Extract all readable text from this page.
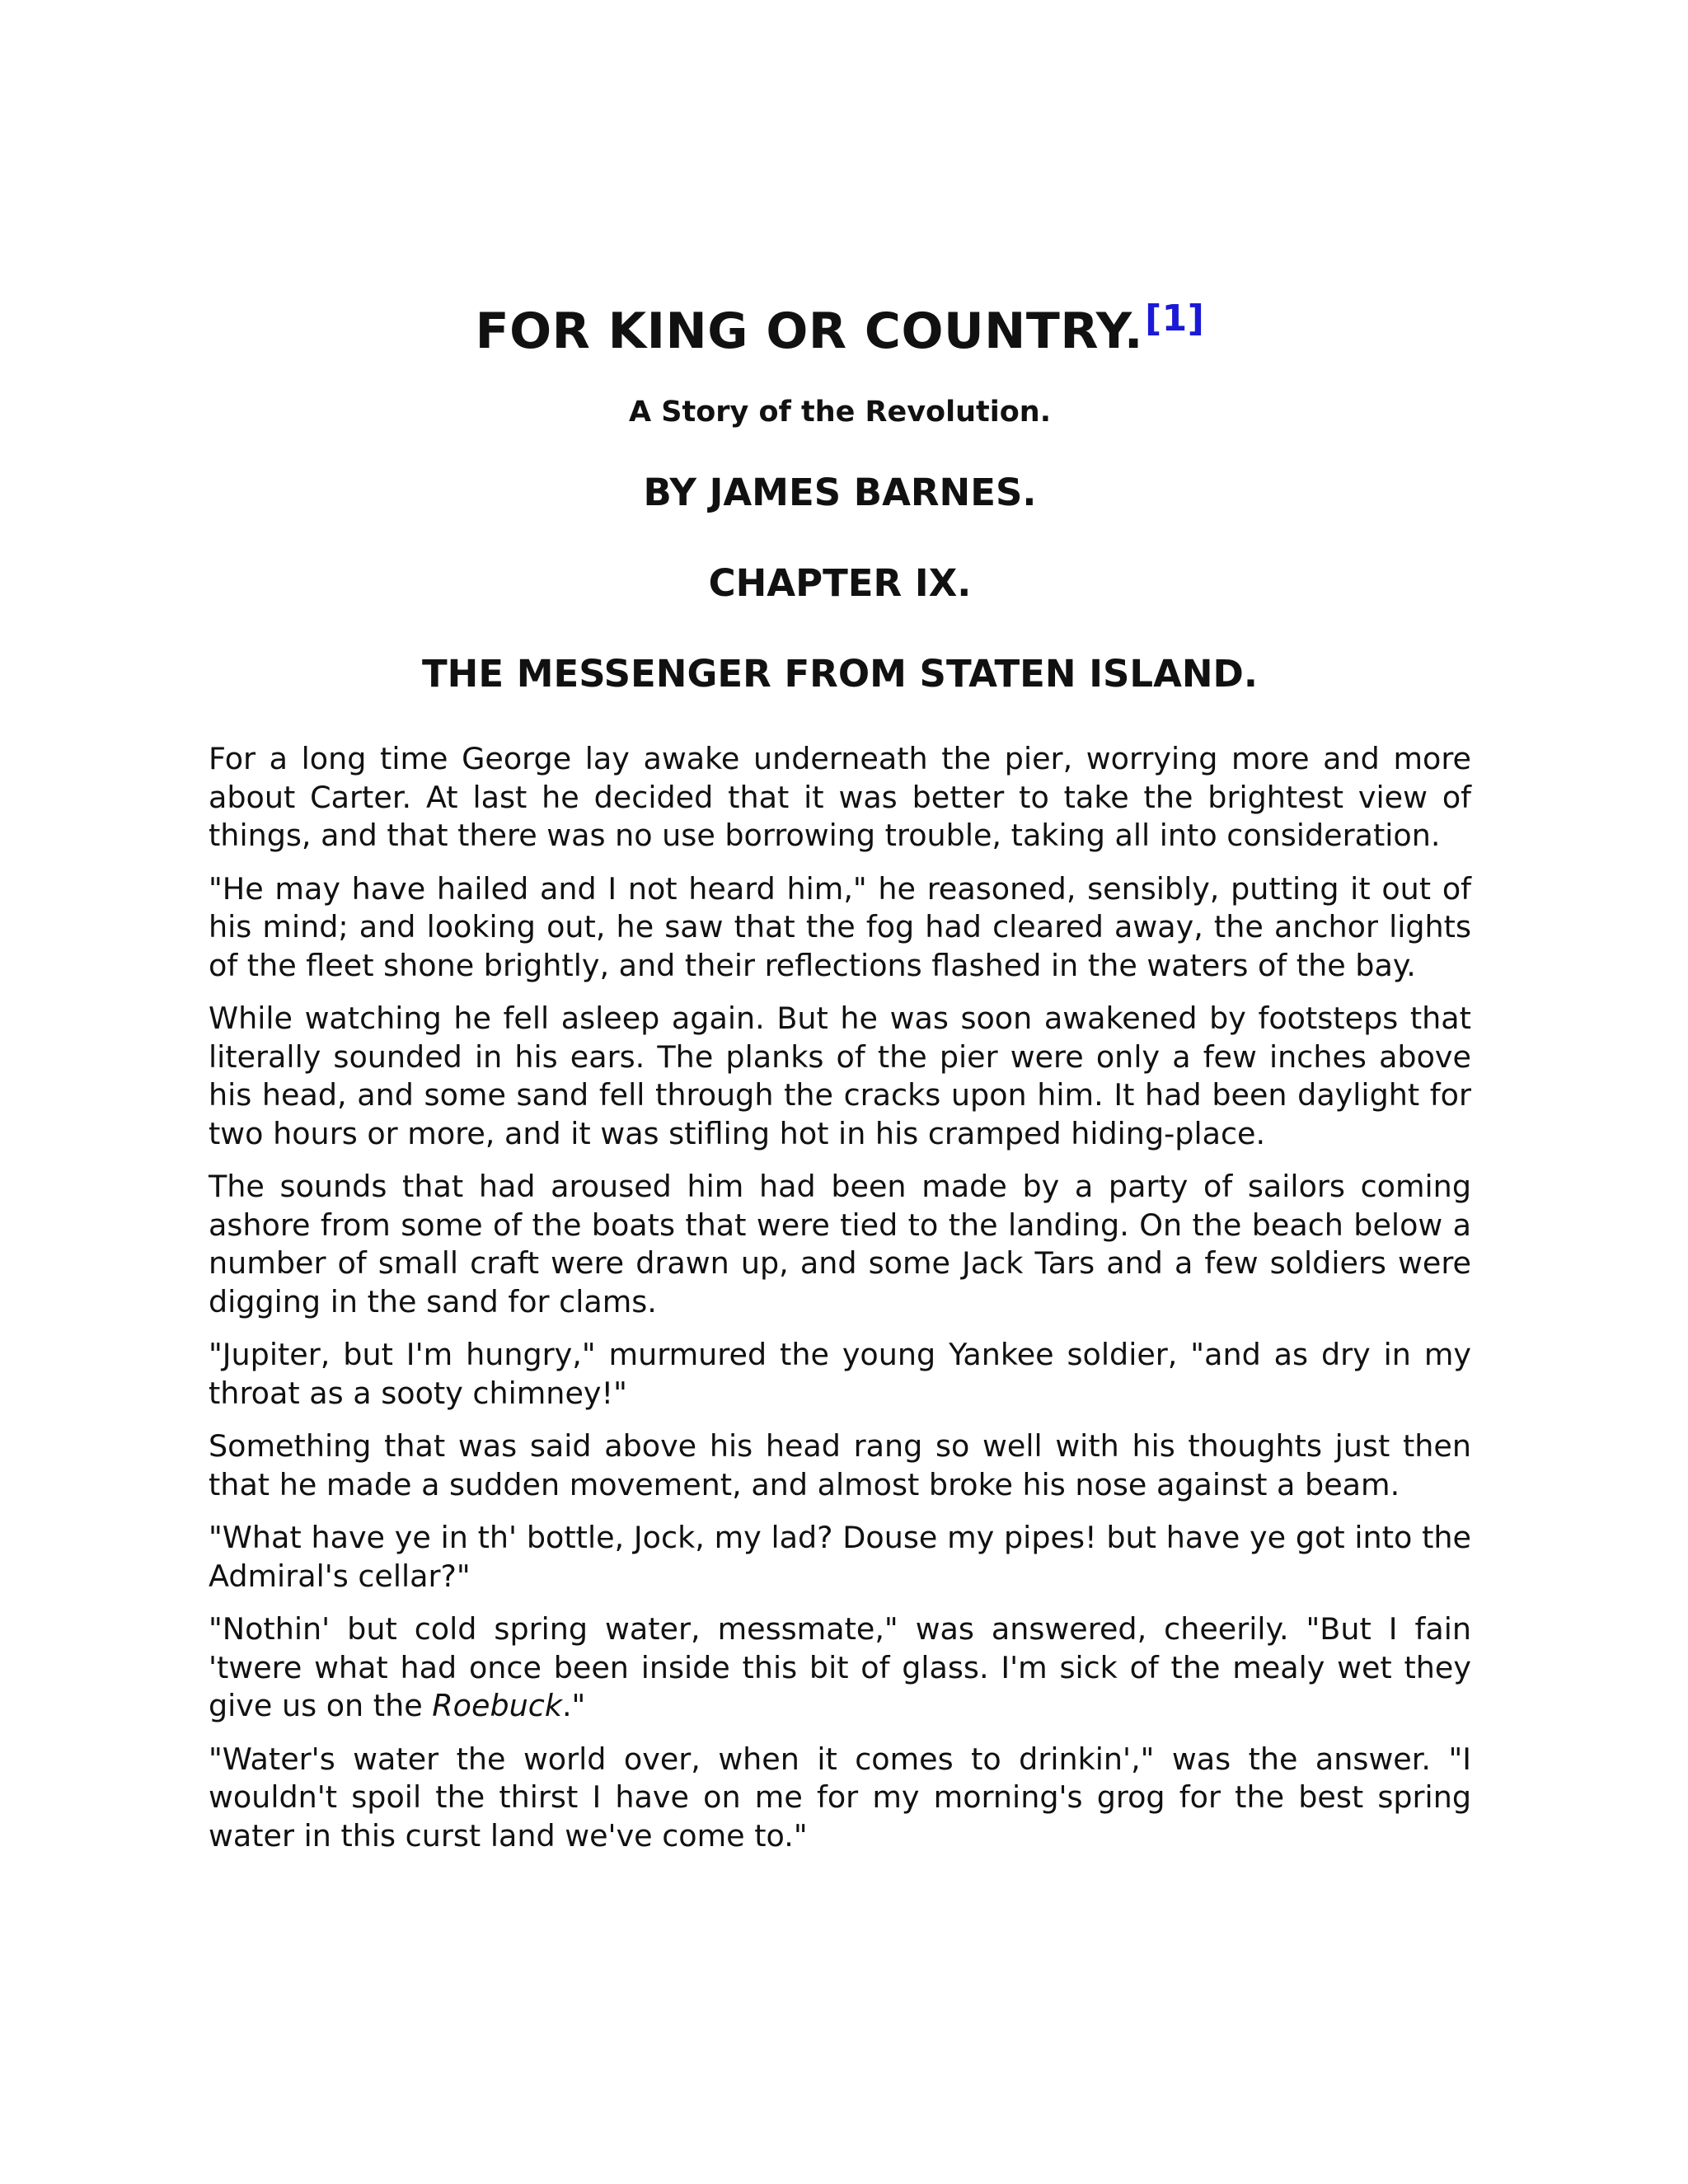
FOR KING OR COUNTRY.[1]
A Story of the Revolution.
BY JAMES BARNES.
CHAPTER IX.
THE MESSENGER FROM STATEN ISLAND.

For a long time George lay awake underneath the pier, worrying more and more about Carter. At last he decided that it was better to take the brightest view of things, and that there was no use borrowing trouble, taking all into consideration.

"He may have hailed and I not heard him," he reasoned, sensibly, putting it out of his mind; and looking out, he saw that the fog had cleared away, the anchor lights of the fleet shone brightly, and their reflections flashed in the waters of the bay.

While watching he fell asleep again. But he was soon awakened by footsteps that literally sounded in his ears. The planks of the pier were only a few inches above his head, and some sand fell through the cracks upon him. It had been daylight for two hours or more, and it was stifling hot in his cramped hiding-place.

The sounds that had aroused him had been made by a party of sailors coming ashore from some of the boats that were tied to the landing. On the beach below a number of small craft were drawn up, and some Jack Tars and a few soldiers were digging in the sand for clams.

"Jupiter, but I'm hungry," murmured the young Yankee soldier, "and as dry in my throat as a sooty chimney!"

Something that was said above his head rang so well with his thoughts just then that he made a sudden movement, and almost broke his nose against a beam.

"What have ye in th' bottle, Jock, my lad? Douse my pipes! but have ye got into the Admiral's cellar?"

"Nothin' but cold spring water, messmate," was answered, cheerily. "But I fain 'twere what had once been inside this bit of glass. I'm sick of the mealy wet they give us on the Roebuck."

"Water's water the world over, when it comes to drinkin'," was the answer. "I wouldn't spoil the thirst I have on me for my morning's grog for the best spring water in this curst land we've come to."
